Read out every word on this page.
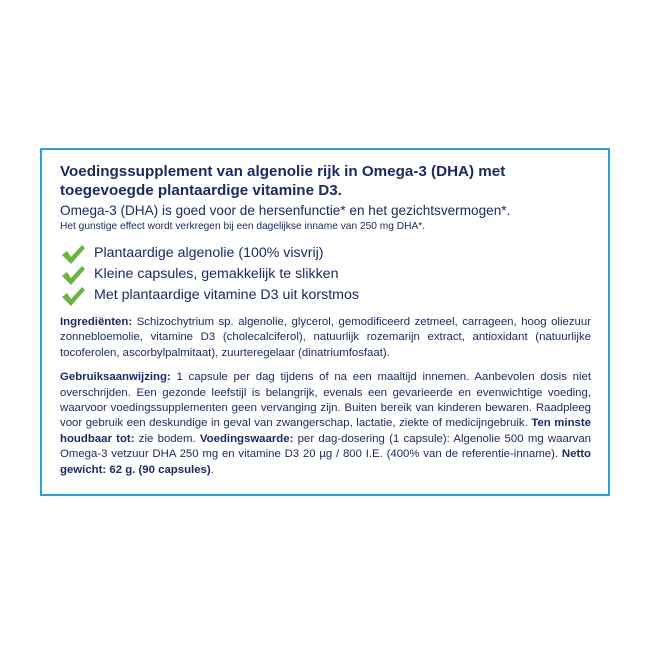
Voedingssupplement van algenolie rijk in Omega-3 (DHA) met
toegevoegde plantaardige vitamine D3.

Omega-3 (DHA) is goed voor de hersenfunctie* en het gezichtsvermogen*.

Het gunstige effect wordt verkregen bij een dagelijkse inname van 250 mg DHA*.

Plantaardige algenolie (100% visvrij)
Kleine capsules, gemakkelijk te slikken
Met plantaardige vitamine D3 uit korstmos

Ingrediënten: Schizochytrium sp. algenolie, glycerol, gemodificeerd zetmeel, carrageen, hoog oliezuur zonnebloemolie, vitamine D3 (cholecalciferol), natuurlijk rozemarijn extract, antioxidant (natuurlijke tocoferolen, ascorbylpalmitaat), zuurteregelaar (dinatriumfosfaat).

Gebruiksaanwijzing: 1 capsule per dag tijdens of na een maaltijd innemen. Aanbevolen dosis niet overschrijden. Een gezonde leefstijl is belangrijk, evenals een gevarieerde en evenwichtige voeding, waarvoor voedingssupplementen geen vervanging zijn. Buiten bereik van kinderen bewaren. Raadpleeg voor gebruik een deskundige in geval van zwangerschap, lactatie, ziekte of medicijngebruik. Ten minste houdbaar tot: zie bodem. Voedingswaarde: per dag-dosering (1 capsule): Algenolie 500 mg waarvan Omega-3 vetzuur DHA 250 mg en vitamine D3 20 µg / 800 I.E. (400% van de referentie-inname). Netto gewicht: 62 g. (90 capsules).
